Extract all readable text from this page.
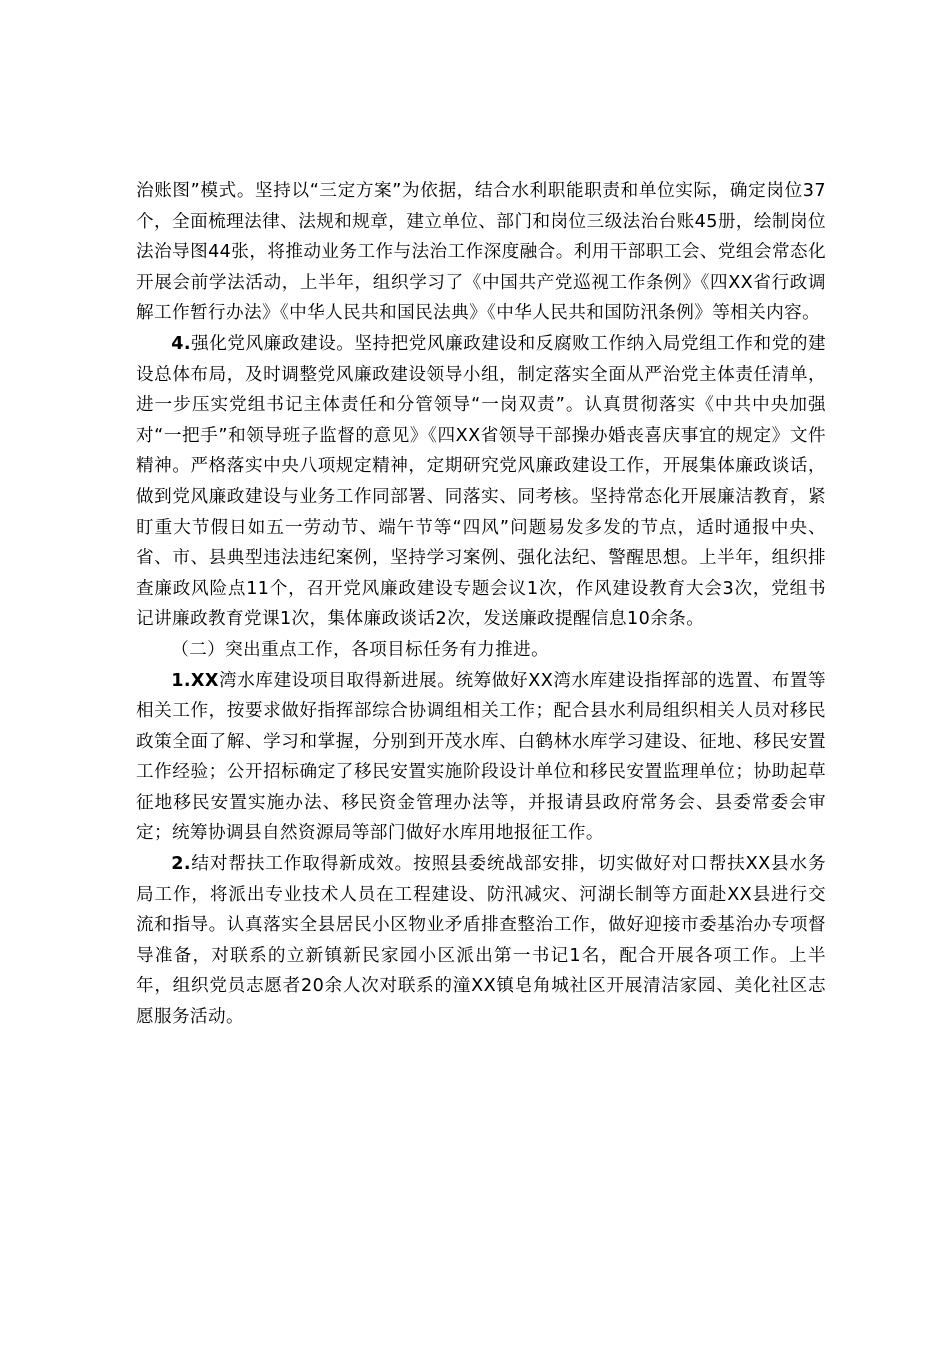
治账图”模式。坚持以“三定方案”为依据，结合水利职能职责和单位实际，确定岗位37个，全面梳理法律、法规和规章，建立单位、部门和岗位三级法治台账45册，绘制岗位法治导图44张，将推动业务工作与法治工作深度融合。利用干部职工会、党组会常态化开展会前学法活动，上半年，组织学习了《中国共产党巡视工作条例》《四XX省行政调解工作暂行办法》《中华人民共和国民法典》《中华人民共和国防汛条例》等相关内容。

4.强化党风廉政建设。坚持把党风廉政建设和反腐败工作纳入局党组工作和党的建设总体布局，及时调整党风廉政建设领导小组，制定落实全面从严治党主体责任清单，进一步压实党组书记主体责任和分管领导“一岗双责”。认真贯彻落实《中共中央加强对“一把手”和领导班子监督的意见》《四XX省领导干部操办婚丧喜庆事宜的规定》文件精神。严格落实中央八项规定精神，定期研究党风廉政建设工作，开展集体廉政谈话，做到党风廉政建设与业务工作同部署、同落实、同考核。坚持常态化开展廉洁教育，紧盯重大节假日如五一劳动节、端午节等“四风”问题易发多发的节点，适时通报中央、省、市、县典型违法违纪案例，坚持学习案例、强化法纪、警醒思想。上半年，组织排查廉政风险点11个，召开党风廉政建设专题会议1次，作风建设教育大会3次，党组书记讲廉政教育党课1次，集体廉政谈话2次，发送廉政提醒信息10余条。

（二）突出重点工作，各项目标任务有力推进。

1.XX湾水库建设项目取得新进展。统筹做好XX湾水库建设指挥部的选置、布置等相关工作，按要求做好指挥部综合协调组相关工作；配合县水利局组织相关人员对移民政策全面了解、学习和掌握，分别到开茂水库、白鹤林水库学习建设、征地、移民安置工作经验；公开招标确定了移民安置实施阶段设计单位和移民安置监理单位；协助起草征地移民安置实施办法、移民资金管理办法等，并报请县政府常务会、县委常委会审定；统筹协调县自然资源局等部门做好水库用地报征工作。

2.结对帮扶工作取得新成效。按照县委统战部安排，切实做好对口帮扶XX县水务局工作，将派出专业技术人员在工程建设、防汛减灾、河湖长制等方面赴XX县进行交流和指导。认真落实全县居民小区物业矛盾排查整治工作，做好迎接市委基治办专项督导准备，对联系的立新镇新民家园小区派出第一书记1名，配合开展各项工作。上半年，组织党员志愿者20余人次对联系的潼XX镇皂角城社区开展清洁家园、美化社区志愿服务活动。
